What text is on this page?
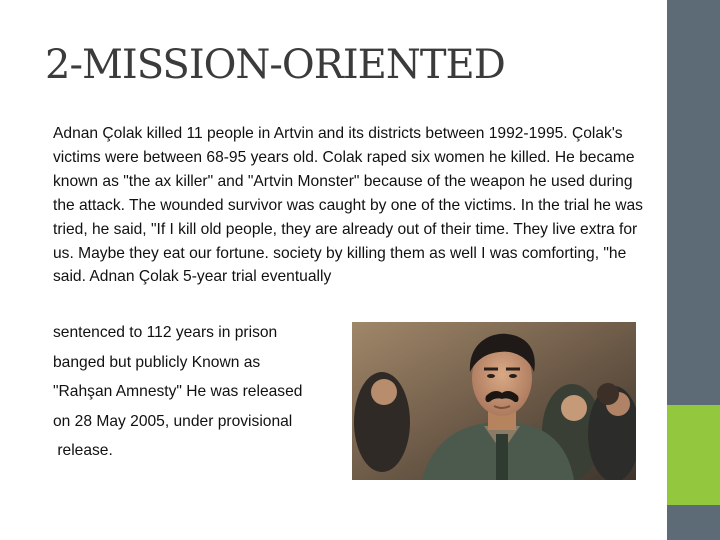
2-MISSION-ORIENTED

Adnan Çolak killed 11 people in Artvin and its districts between 1992-1995. Çolak's victims were between 68-95 years old. Colak raped six women he killed. He became known as "the ax killer" and "Artvin Monster" because of the weapon he used during the attack. The wounded survivor was caught by one of the victims. In the trial he was tried, he said, "If I kill old people, they are already out of their time. They live extra for us. Maybe they eat our fortune. society by killing them as well I was comforting, "he said. Adnan Çolak 5-year trial eventually

sentenced to 112 years in prison
banged but publicly Known as
"Rahşan Amnesty" He was released
on 28 May 2005, under provisional
release.
